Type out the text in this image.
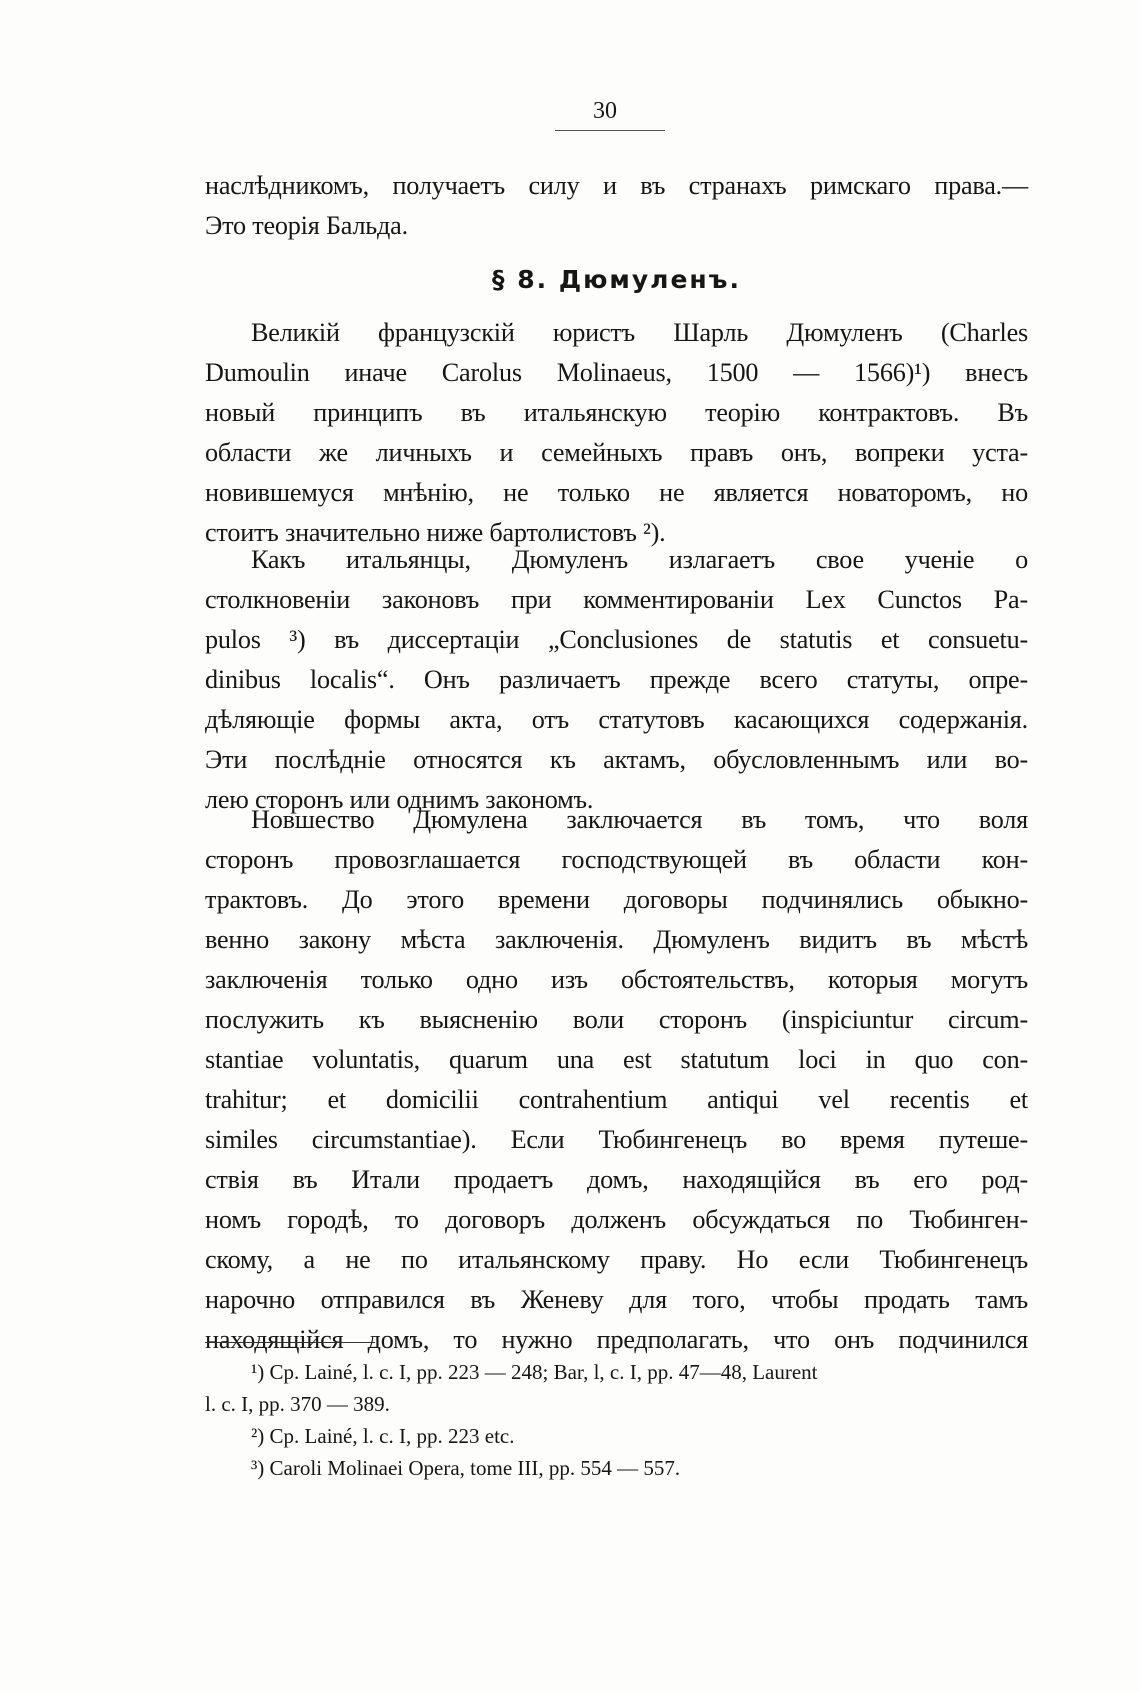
30
наслѣдникомъ, получаетъ силу и въ странахъ римскаго права.—
Это теорія Бальда.
§ 8. Дюмуленъ.
Великій французскій юристъ Шарль Дюмуленъ (Charles
Dumoulin иначе Carolus Molinaeus, 1500 — 1566)¹) внесъ
новый принципъ въ итальянскую теорію контрактовъ. Въ
области же личныхъ и семейныхъ правъ онъ, вопреки уста-
новившемуся мнѣнію, не только не является новаторомъ, но
стоитъ значительно ниже бартолистовъ ²).
Какъ итальянцы, Дюмуленъ излагаетъ свое ученіе о
столкновеніи законовъ при комментированіи Lex Cunctos Pa-
pulos ³) въ диссертаціи „Conclusiones de statutis et consuetu-
dinibus localis“. Онъ различаетъ прежде всего статуты, опре-
дѣляющіе формы акта, отъ статутовъ касающихся содержанія.
Эти послѣдніе относятся къ актамъ, обусловленнымъ или во-
лею сторонъ или однимъ закономъ.
Новшество Дюмулена заключается въ томъ, что воля
сторонъ провозглашается господствующей въ области кон-
трактовъ. До этого времени договоры подчинялись обыкно-
венно закону мѣста заключенія. Дюмуленъ видитъ въ мѣстѣ
заключенія только одно изъ обстоятельствъ, которыя могутъ
послужить къ выясненію воли сторонъ (inspiciuntur circum-
stantiae voluntatis, quarum una est statutum loci in quo con-
trahitur; et domicilii contrahentium antiqui vel recentis et
similes circumstantiae). Если Тюбингенецъ во время путеше-
ствія въ Итали продаетъ домъ, находящійся въ его род-
номъ городѣ, то договоръ долженъ обсуждаться по Тюбинген-
скому, а не по итальянскому праву. Но если Тюбингенецъ
нарочно отправился въ Женеву для того, чтобы продать тамъ
находящійся домъ, то нужно предполагать, что онъ подчинился
¹) Cp. Lainé, l. c. I, pp. 223 — 248; Bar, l, c. I, pp. 47—48, Laurent
l. c. I, pp. 370 — 389.
²) Cp. Lainé, l. c. I, pp. 223 etc.
³) Caroli Molinaei Opera, tome III, pp. 554 — 557.
